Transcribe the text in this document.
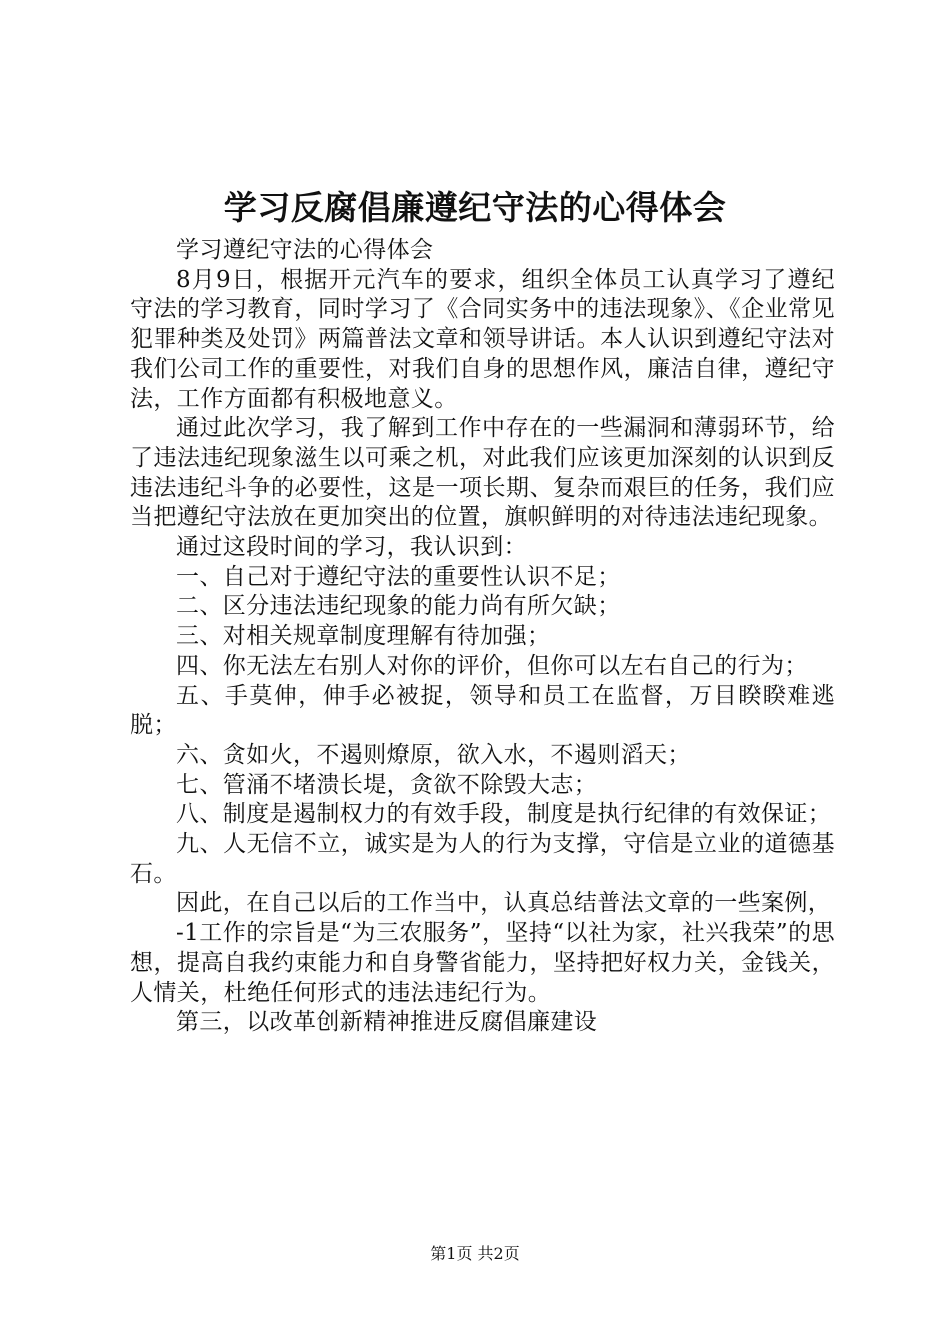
学习反腐倡廉遵纪守法的心得体会

学习遵纪守法的心得体会

8月9日，根据开元汽车的要求，组织全体员工认真学习了遵纪守法的学习教育，同时学习了《合同实务中的违法现象》、《企业常见犯罪种类及处罚》两篇普法文章和领导讲话。本人认识到遵纪守法对我们公司工作的重要性，对我们自身的思想作风，廉洁自律，遵纪守法，工作方面都有积极地意义。

通过此次学习，我了解到工作中存在的一些漏洞和薄弱环节，给了违法违纪现象滋生以可乘之机，对此我们应该更加深刻的认识到反违法违纪斗争的必要性，这是一项长期、复杂而艰巨的任务，我们应当把遵纪守法放在更加突出的位置，旗帜鲜明的对待违法违纪现象。

通过这段时间的学习，我认识到：

一、自己对于遵纪守法的重要性认识不足；

二、区分违法违纪现象的能力尚有所欠缺；

三、对相关规章制度理解有待加强；

四、你无法左右别人对你的评价，但你可以左右自己的行为；

五、手莫伸，伸手必被捉，领导和员工在监督，万目睽睽难逃脱；

六、贪如火，不遏则燎原，欲入水，不遏则滔天；

七、管涌不堵溃长堤，贪欲不除毁大志；

八、制度是遏制权力的有效手段，制度是执行纪律的有效保证；

九、人无信不立，诚实是为人的行为支撑，守信是立业的道德基石。

因此，在自己以后的工作当中，认真总结普法文章的一些案例，

-1工作的宗旨是“为三农服务”，坚持“以社为家，社兴我荣”的思想，提高自我约束能力和自身警省能力，坚持把好权力关，金钱关，人情关，杜绝任何形式的违法违纪行为。

第三，以改革创新精神推进反腐倡廉建设

第1页 共2页
